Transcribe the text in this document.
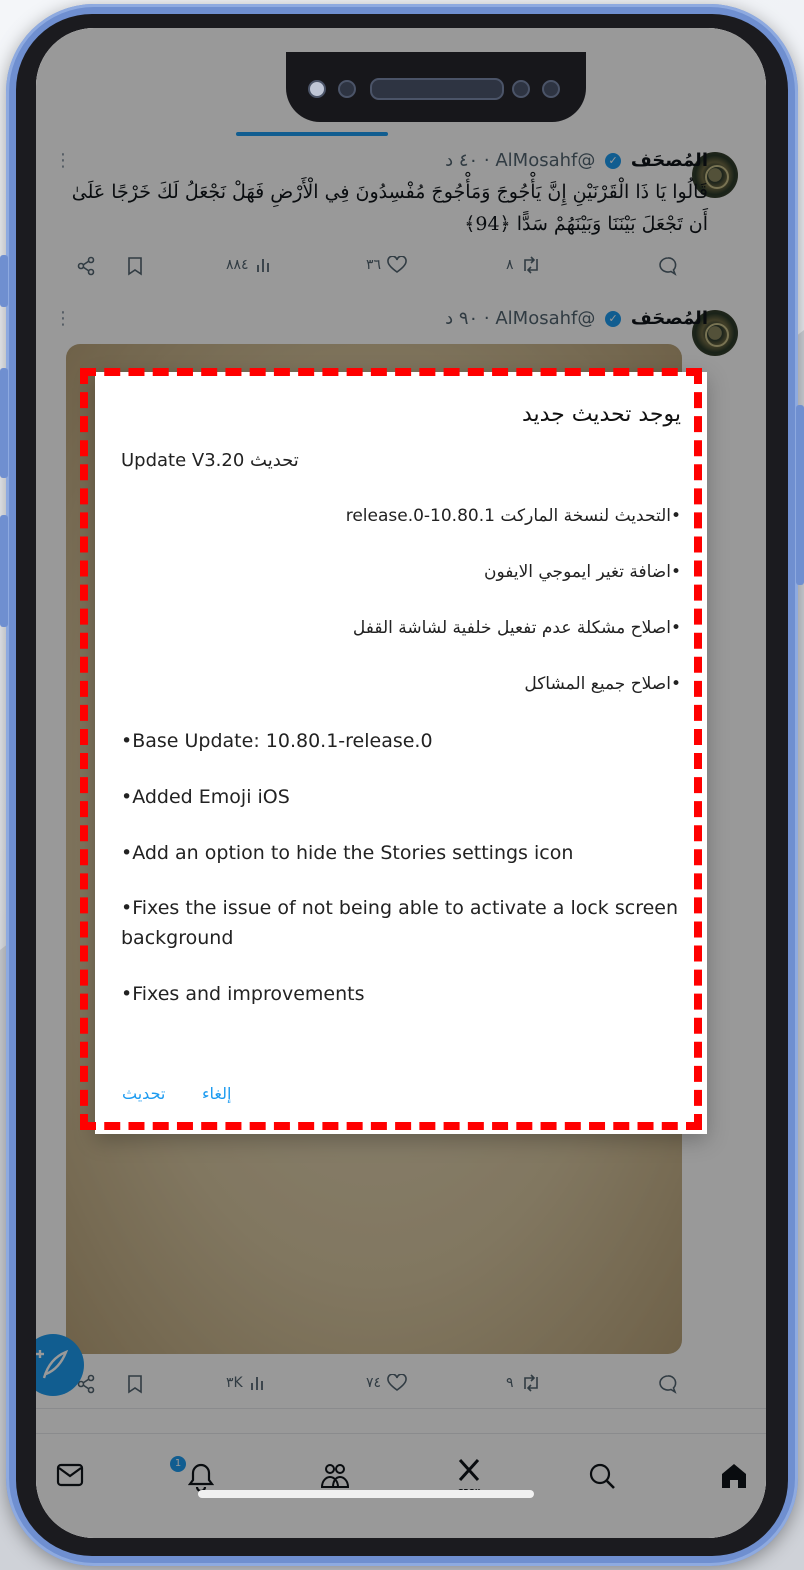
المُصحَف ✓ @AlMosahf · ٤٠ د
⋮
قَالُوا يَا ذَا الْقَرْنَيْنِ إِنَّ يَأْجُوجَ وَمَأْجُوجَ مُفْسِدُونَ فِي الْأَرْضِ فَهَلْ نَجْعَلُ لَكَ خَرْجًا عَلَىٰ أَن تَجْعَلَ بَيْنَنَا وَبَيْنَهُمْ سَدًّا ﴿94﴾
٨٨٤	٣٦	٨
المُصحَف ✓ @AlMosahf · ٩٠ د
⋮
٣K	٧٤	٩
1
يوجد تحديث جديد
Update V3.20 تحديث
•التحديث لنسخة الماركت release.0-10.80.1
•اضافة تغير ايموجي الايفون
•اصلاح مشكلة عدم تفعيل خلفية لشاشة القفل
•اصلاح جميع المشاكل
•Base Update: 10.80.1-release.0
•Added Emoji iOS
•Add an option to hide the Stories settings icon
•Fixes the issue of not being able to activate a lock screen background
•Fixes and improvements
تحديث إلغاء
